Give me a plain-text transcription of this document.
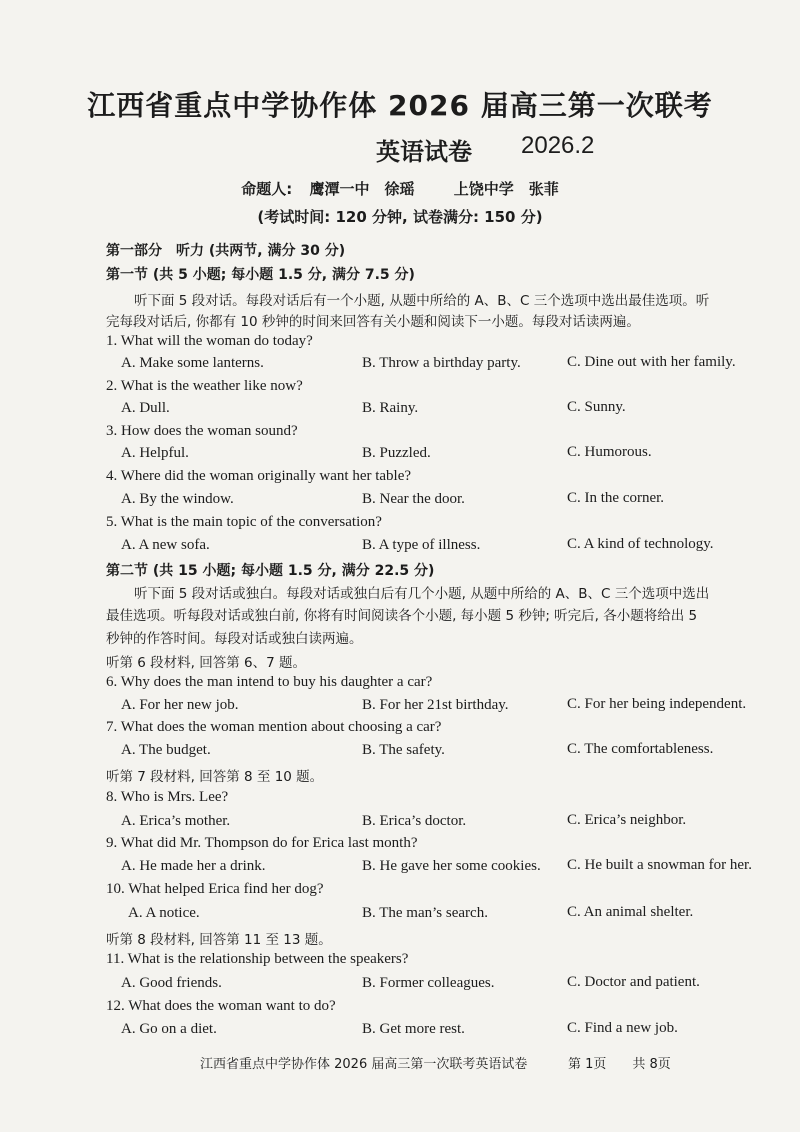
江西省重点中学协作体 2026 届高三第一次联考
英语试卷 2026.2
命题人: 鹰潭一中　徐瑶	上饶中学　张菲
(考试时间: 120 分钟, 试卷满分: 150 分)
第一部分　听力 (共两节, 满分 30 分)
第一节 (共 5 小题; 每小题 1.5 分, 满分 7.5 分)
听下面 5 段对话。每段对话后有一个小题, 从题中所给的 A、B、C 三个选项中选出最佳选项。听
完每段对话后, 你都有 10 秒钟的时间来回答有关小题和阅读下一小题。每段对话读两遍。
1. What will the woman do today?
A. Make some lanterns.	B. Throw a birthday party.	C. Dine out with her family.
2. What is the weather like now?
A. Dull.	B. Rainy.	C. Sunny.
3. How does the woman sound?
A. Helpful.	B. Puzzled.	C. Humorous.
4. Where did the woman originally want her table?
A. By the window.	B. Near the door.	C. In the corner.
5. What is the main topic of the conversation?
A. A new sofa.	B. A type of illness.	C. A kind of technology.
第二节 (共 15 小题; 每小题 1.5 分, 满分 22.5 分)
听下面 5 段对话或独白。每段对话或独白后有几个小题, 从题中所给的 A、B、C 三个选项中选出
最佳选项。听每段对话或独白前, 你将有时间阅读各个小题, 每小题 5 秒钟; 听完后, 各小题将给出 5
秒钟的作答时间。每段对话或独白读两遍。
听第 6 段材料, 回答第 6、7 题。
6. Why does the man intend to buy his daughter a car?
A. For her new job.	B. For her 21st birthday.	C. For her being independent.
7. What does the woman mention about choosing a car?
A. The budget.	B. The safety.	C. The comfortableness.
听第 7 段材料, 回答第 8 至 10 题。
8. Who is Mrs. Lee?
A. Erica’s mother.	B. Erica’s doctor.	C. Erica’s neighbor.
9. What did Mr. Thompson do for Erica last month?
A. He made her a drink.	B. He gave her some cookies. C. He built a snowman for her.
10. What helped Erica find her dog?
A. A notice.	B. The man’s search.	C. An animal shelter.
听第 8 段材料, 回答第 11 至 13 题。
11. What is the relationship between the speakers?
A. Good friends.	B. Former colleagues.	C. Doctor and patient.
12. What does the woman want to do?
A. Go on a diet.	B. Get more rest.	C. Find a new job.
江西省重点中学协作体 2026 届高三第一次联考英语试卷	第 1页　　共 8页
